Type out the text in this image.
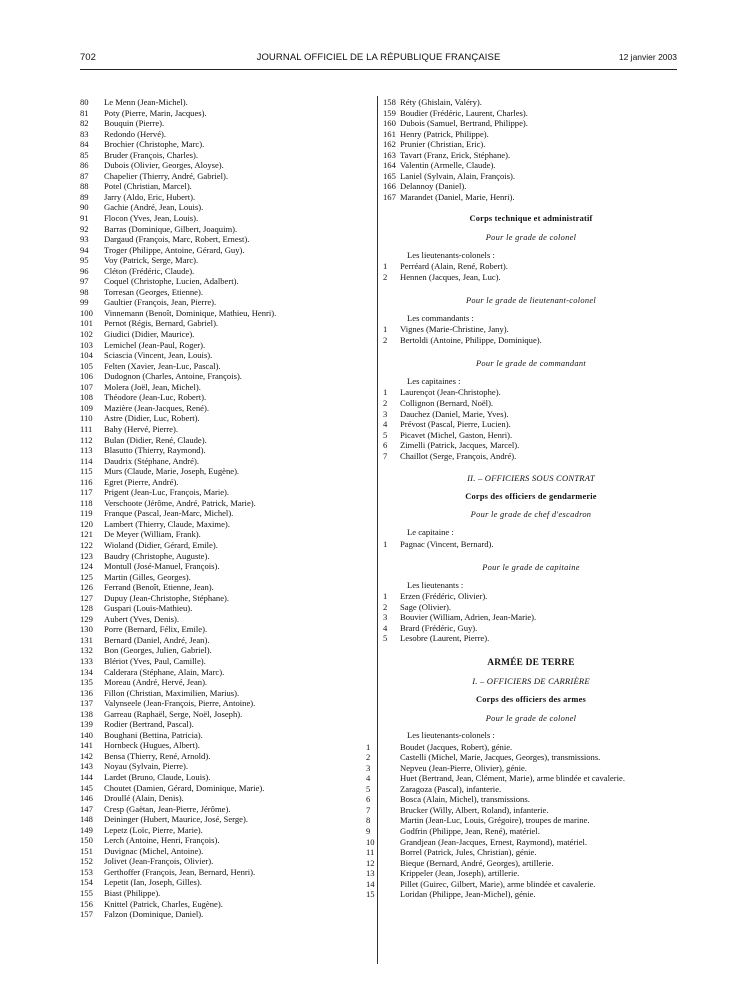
702	JOURNAL OFFICIEL DE LA RÉPUBLIQUE FRANÇAISE	12 janvier 2003
80 Le Menn (Jean-Michel).
81 Poty (Pierre, Marin, Jacques).
82 Bouquin (Pierre).
83 Redondo (Hervé).
84 Brochier (Christophe, Marc).
85 Bruder (François, Charles).
86 Dubois (Olivier, Georges, Aloyse).
87 Chapelier (Thierry, André, Gabriel).
88 Potel (Christian, Marcel).
89 Jarry (Aldo, Eric, Hubert).
90 Gachie (André, Jean, Louis).
91 Flocon (Yves, Jean, Louis).
92 Barras (Dominique, Gilbert, Joaquim).
93 Dargaud (François, Marc, Robert, Ernest).
94 Troger (Philippe, Antoine, Gérard, Guy).
95 Voy (Patrick, Serge, Marc).
96 Cléton (Frédéric, Claude).
97 Coquel (Christophe, Lucien, Adalbert).
98 Torresan (Georges, Etienne).
99 Gaultier (François, Jean, Pierre).
100 Vinnemann (Benoît, Dominique, Mathieu, Henri).
101 Pernot (Régis, Bernard, Gabriel).
102 Giudici (Didier, Maurice).
103 Lemichel (Jean-Paul, Roger).
104 Sciascia (Vincent, Jean, Louis).
105 Felten (Xavier, Jean-Luc, Pascal).
106 Dudognon (Charles, Antoine, François).
107 Molera (Joël, Jean, Michel).
108 Théodore (Jean-Luc, Robert).
109 Mazière (Jean-Jacques, René).
110 Astre (Didier, Luc, Robert).
111 Bahy (Hervé, Pierre).
112 Bulan (Didier, René, Claude).
113 Blasutto (Thierry, Raymond).
114 Daudrix (Stéphane, André).
115 Murs (Claude, Marie, Joseph, Eugène).
116 Egret (Pierre, André).
117 Prigent (Jean-Luc, François, Marie).
118 Verschoote (Jérôme, André, Patrick, Marie).
119 Franque (Pascal, Jean-Marc, Michel).
120 Lambert (Thierry, Claude, Maxime).
121 De Meyer (William, Frank).
122 Wioland (Didier, Gérard, Emile).
123 Baudry (Christophe, Auguste).
124 Montull (José-Manuel, François).
125 Martin (Gilles, Georges).
126 Ferrand (Benoît, Etienne, Jean).
127 Dupuy (Jean-Christophe, Stéphane).
128 Guspari (Louis-Mathieu).
129 Aubert (Yves, Denis).
130 Porre (Bernard, Félix, Emile).
131 Bernard (Daniel, André, Jean).
132 Bon (Georges, Julien, Gabriel).
133 Blériot (Yves, Paul, Camille).
134 Calderara (Stéphane, Alain, Marc).
135 Moreau (André, Hervé, Jean).
136 Fillon (Christian, Maximilien, Marius).
137 Valynseele (Jean-François, Pierre, Antoine).
138 Garreau (Raphaël, Serge, Noël, Joseph).
139 Rodier (Bertrand, Pascal).
140 Boughani (Bettina, Patricia).
141 Hornbeck (Hugues, Albert).
142 Bensa (Thierry, René, Arnold).
143 Noyau (Sylvain, Pierre).
144 Lardet (Bruno, Claude, Louis).
145 Choutet (Damien, Gérard, Dominique, Marie).
146 Droullé (Alain, Denis).
147 Cresp (Gaëtan, Jean-Pierre, Jérôme).
148 Deininger (Hubert, Maurice, José, Serge).
149 Lepetz (Loïc, Pierre, Marie).
150 Lerch (Antoine, Henri, François).
151 Duvignac (Michel, Antoine).
152 Jolivet (Jean-François, Olivier).
153 Gerthoffer (François, Jean, Bernard, Henri).
154 Lepetit (Ian, Joseph, Gilles).
155 Biast (Philippe).
156 Knittel (Patrick, Charles, Eugène).
157 Falzon (Dominique, Daniel).
158 Réty (Ghislain, Valéry).
159 Boudier (Frédéric, Laurent, Charles).
160 Dubois (Samuel, Bertrand, Philippe).
161 Henry (Patrick, Philippe).
162 Prunier (Christian, Eric).
163 Tavart (Franz, Erick, Stéphane).
164 Valentin (Armelle, Claude).
165 Laniel (Sylvain, Alain, François).
166 Delannoy (Daniel).
167 Marandet (Daniel, Marie, Henri).
Corps technique et administratif
Pour le grade de colonel
Les lieutenants-colonels :
1 Perréard (Alain, René, Robert).
2 Hennen (Jacques, Jean, Luc).
Pour le grade de lieutenant-colonel
Les commandants :
1 Vignes (Marie-Christine, Jany).
2 Bertoldi (Antoine, Philippe, Dominique).
Pour le grade de commandant
Les capitaines :
1 Laurençot (Jean-Christophe).
2 Collignon (Bernard, Noël).
3 Dauchez (Daniel, Marie, Yves).
4 Prévost (Pascal, Pierre, Lucien).
5 Picavet (Michel, Gaston, Henri).
6 Zimelli (Patrick, Jacques, Marcel).
7 Chaillot (Serge, François, André).
II. – OFFICIERS SOUS CONTRAT
Corps des officiers de gendarmerie
Pour le grade de chef d'escadron
Le capitaine :
1 Pagnac (Vincent, Bernard).
Pour le grade de capitaine
Les lieutenants :
1 Erzen (Frédéric, Olivier).
2 Sage (Olivier).
3 Bouvier (William, Adrien, Jean-Marie).
4 Brard (Frédéric, Guy).
5 Lesobre (Laurent, Pierre).
ARMÉE DE TERRE
I. – OFFICIERS DE CARRIÈRE
Corps des officiers des armes
Pour le grade de colonel
Les lieutenants-colonels :
1	Boudet (Jacques, Robert), génie.
2	Castelli (Michel, Marie, Jacques, Georges), transmissions.
3	Nepveu (Jean-Pierre, Olivier), génie.
4	Huet (Bertrand, Jean, Clément, Marie), arme blindée et cavalerie.
5	Zaragoza (Pascal), infanterie.
6	Bosca (Alain, Michel), transmissions.
7	Brucker (Willy, Albert, Roland), infanterie.
8	Martin (Jean-Luc, Louis, Grégoire), troupes de marine.
9	Godfrin (Philippe, Jean, René), matériel.
10	Grandjean (Jean-Jacques, Ernest, Raymond), matériel.
11	Borrel (Patrick, Jules, Christian), génie.
12	Bieque (Bernard, André, Georges), artillerie.
13	Krippeler (Jean, Joseph), artillerie.
14	Pillet (Guirec, Gilbert, Marie), arme blindée et cavalerie.
15	Loridan (Philippe, Jean-Michel), génie.
